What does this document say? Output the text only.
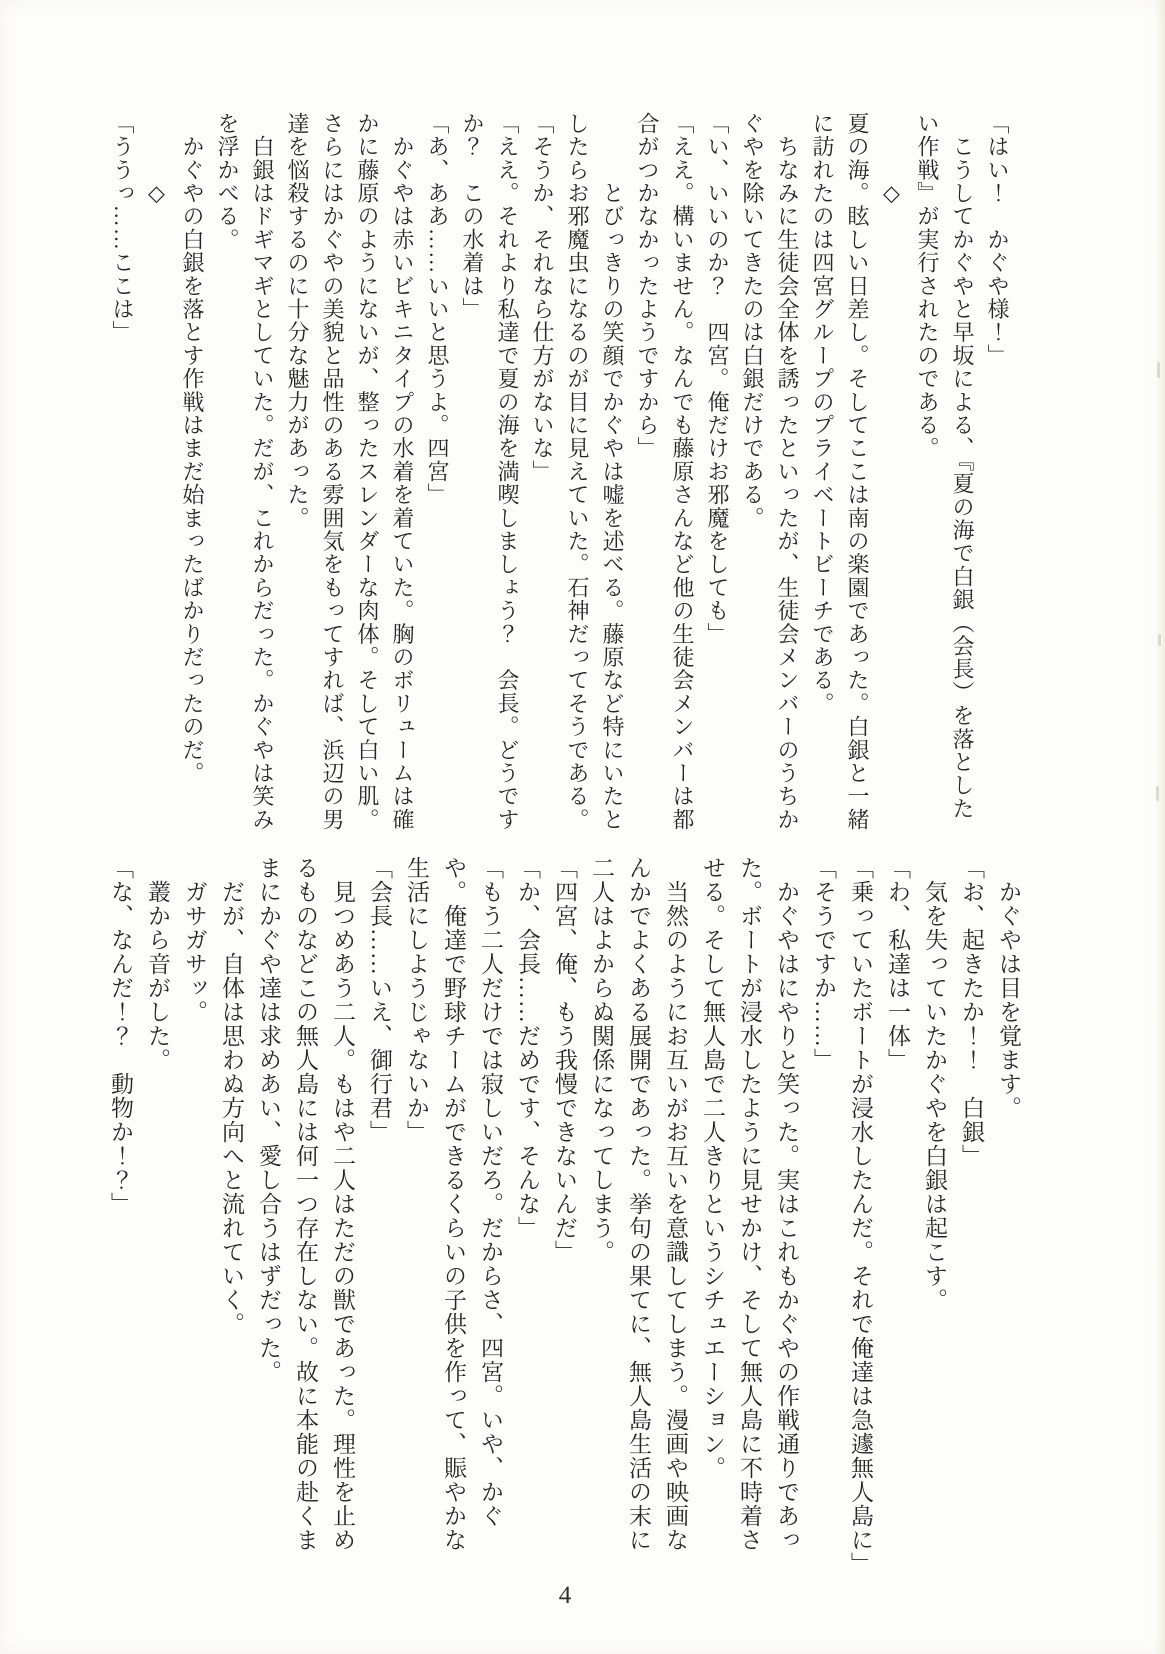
「はい！　かぐや様！」

　こうしてかぐやと早坂による、『夏の海で白銀（会長）を落としたい作戦』が実行されたのである。

　　　◇

夏の海。眩しい日差し。そしてここは南の楽園であった。白銀と一緒に訪れたのは四宮グループのプライベートビーチである。

　ちなみに生徒会全体を誘ったといったが、生徒会メンバーのうちかぐやを除いてきたのは白銀だけである。

「い、いいのか？　四宮。俺だけお邪魔をしても」

「ええ。構いません。なんでも藤原さんなど他の生徒会メンバーは都合がつかなかったようですから」

　　　とびっきりの笑顔でかぐやは嘘を述べる。藤原など特にいたとしたらお邪魔虫になるのが目に見えていた。石神だってそうである。

「そうか、それなら仕方がないな」

「ええ。それより私達で夏の海を満喫しましょう？　会長。どうですか？　この水着は」

「あ、ああ……いいと思うよ。四宮」

　かぐやは赤いビキニタイプの水着を着ていた。胸のボリュームは確かに藤原のようにないが、整ったスレンダーな肉体。そして白い肌。さらにはかぐやの美貌と品性のある雰囲気をもってすれば、浜辺の男達を悩殺するのに十分な魅力があった。

　白銀はドギマギとしていた。だが、これからだった。かぐやは笑みを浮かべる。

　かぐやの白銀を落とす作戦はまだ始まったばかりだったのだ。

　　　◇

「ううっ……ここは」

　かぐやは目を覚ます。

「お、起きたか！！　白銀」

　気を失っていたかぐやを白銀は起こす。

「わ、私達は一体」

「乗っていたボートが浸水したんだ。それで俺達は急遽無人島に」

「そうですか……」

　かぐやはにやりと笑った。実はこれもかぐやの作戦通りであった。ボートが浸水したように見せかけ、そして無人島に不時着させる。そして無人島で二人きりというシチュエーション。

　当然のようにお互いがお互いを意識してしまう。漫画や映画なんかでよくある展開であった。挙句の果てに、無人島生活の末に二人はよからぬ関係になってしまう。

「四宮、俺、もう我慢できないんだ」

「か、会長……だめです、そんな」

「もう二人だけでは寂しいだろ。だからさ、四宮。いや、かぐや。俺達で野球チームができるくらいの子供を作って、賑やかな生活にしようじゃないか」

「会長……いえ、御行君」

　見つめあう二人。もはや二人はただの獣であった。理性を止めるものなどこの無人島には何一つ存在しない。故に本能の赴くままにかぐや達は求めあい、愛し合うはずだった。

　だが、自体は思わぬ方向へと流れていく。

　ガサガサッ。

　叢から音がした。

「な、なんだ！？　動物か！？」

4
